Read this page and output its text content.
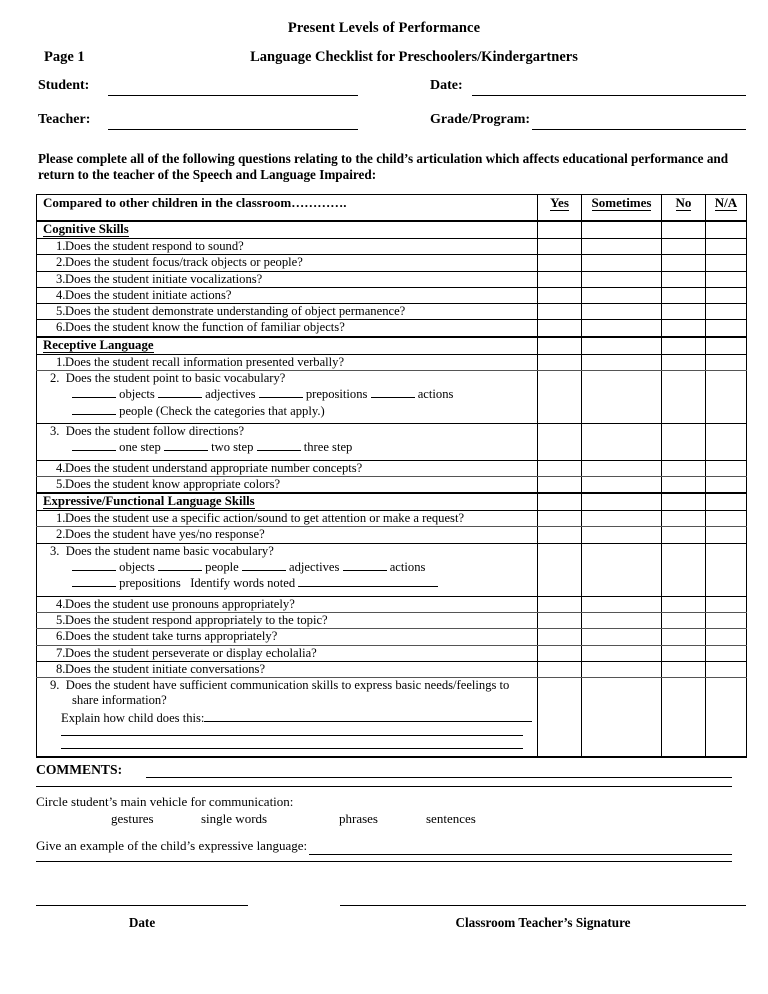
Present Levels of Performance
Page 1	Language Checklist for Preschoolers/Kindergartners
Student:	Date:
Teacher:	Grade/Program:
Please complete all of the following questions relating to the child’s articulation which affects educational performance and return to the teacher of the Speech and Language Impaired:
Compared to other children in the classroom………….	Yes	Sometimes	No	N/A
Cognitive Skills				
1.Does the student respond to sound?				
2.Does the student focus/track objects or people?				
3.Does the student initiate vocalizations?				
4.Does the student initiate actions?				
5.Does the student demonstrate understanding of object permanence?				
6.Does the student know the function of familiar objects?				
Receptive Language				
1.Does the student recall information presented verbally?				

2. Does the student point to basic vocabulary?
objects adjectives prepositions actions
people (Check the categories that apply.)				

3. Does the student follow directions?
one step two step three step				

4.Does the student understand appropriate number concepts?				
5.Does the student know appropriate colors?				
Expressive/Functional Language Skills				
1.Does the student use a specific action/sound to get attention or make a request?				
2.Does the student have yes/no response?				

3. Does the student name basic vocabulary?
objects people adjectives actions
prepositions Identify words noted				

4.Does the student use pronouns appropriately?				
5.Does the student respond appropriately to the topic?				
6.Does the student take turns appropriately?				
7.Does the student perseverate or display echolalia?				
8.Does the student initiate conversations?				

9. Does the student have sufficient communication skills to express basic needs/feelings to share information?
Explain how child does this:				

COMMENTS:
Circle student’s main vehicle for communication:
gestures	single words	phrases	sentences
Give an example of the child’s expressive language:
Date	Classroom Teacher’s Signature
